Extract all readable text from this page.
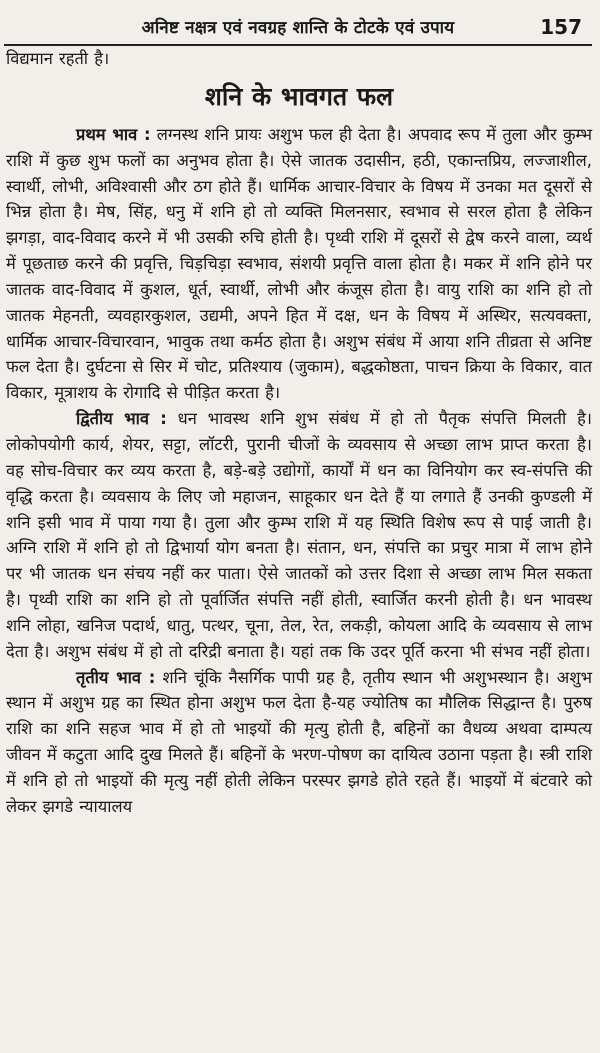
अनिष्ट नक्षत्र एवं नवग्रह शान्ति के टोटके एवं उपाय	157

विद्यमान रहती है।

शनि के भावगत फल

प्रथम भाव : लग्नस्थ शनि प्रायः अशुभ फल ही देता है। अपवाद रूप में तुला और कुम्भ राशि में कुछ शुभ फलों का अनुभव होता है। ऐसे जातक उदासीन, हठी, एकान्तप्रिय, लज्जाशील, स्वार्थी, लोभी, अविश्वासी और ठग होते हैं। धार्मिक आचार-विचार के विषय में उनका मत दूसरों से भिन्न होता है। मेष, सिंह, धनु में शनि हो तो व्यक्ति मिलनसार, स्वभाव से सरल होता है लेकिन झगड़ा, वाद-विवाद करने में भी उसकी रुचि होती है। पृथ्वी राशि में दूसरों से द्वेष करने वाला, व्यर्थ में पूछताछ करने की प्रवृत्ति, चिड़चिड़ा स्वभाव, संशयी प्रवृत्ति वाला होता है। मकर में शनि होने पर जातक वाद-विवाद में कुशल, धूर्त, स्वार्थी, लोभी और कंजूस होता है। वायु राशि का शनि हो तो जातक मेहनती, व्यवहारकुशल, उद्यमी, अपने हित में दक्ष, धन के विषय में अस्थिर, सत्यवक्ता, धार्मिक आचार-विचारवान, भावुक तथा कर्मठ होता है। अशुभ संबंध में आया शनि तीव्रता से अनिष्ट फल देता है। दुर्घटना से सिर में चोट, प्रतिश्याय (जुकाम), बद्धकोष्ठता, पाचन क्रिया के विकार, वात विकार, मूत्राशय के रोगादि से पीड़ित करता है।

द्वितीय भाव : धन भावस्थ शनि शुभ संबंध में हो तो पैतृक संपत्ति मिलती है। लोकोपयोगी कार्य, शेयर, सट्टा, लॉटरी, पुरानी चीजों के व्यवसाय से अच्छा लाभ प्राप्त करता है। वह सोच-विचार कर व्यय करता है, बड़े-बड़े उद्योगों, कार्यों में धन का विनियोग कर स्व-संपत्ति की वृद्धि करता है। व्यवसाय के लिए जो महाजन, साहूकार धन देते हैं या लगाते हैं उनकी कुण्डली में शनि इसी भाव में पाया गया है। तुला और कुम्भ राशि में यह स्थिति विशेष रूप से पाई जाती है। अग्नि राशि में शनि हो तो द्विभार्या योग बनता है। संतान, धन, संपत्ति का प्रचुर मात्रा में लाभ होने पर भी जातक धन संचय नहीं कर पाता। ऐसे जातकों को उत्तर दिशा से अच्छा लाभ मिल सकता है। पृथ्वी राशि का शनि हो तो पूर्वार्जित संपत्ति नहीं होती, स्वार्जित करनी होती है। धन भावस्थ शनि लोहा, खनिज पदार्थ, धातु, पत्थर, चूना, तेल, रेत, लकड़ी, कोयला आदि के व्यवसाय से लाभ देता है। अशुभ संबंध में हो तो दरिद्री बनाता है। यहां तक कि उदर पूर्ति करना भी संभव नहीं होता।

तृतीय भाव : शनि चूंकि नैसर्गिक पापी ग्रह है, तृतीय स्थान भी अशुभस्थान है। अशुभ स्थान में अशुभ ग्रह का स्थित होना अशुभ फल देता है-यह ज्योतिष का मौलिक सिद्धान्त है। पुरुष राशि का शनि सहज भाव में हो तो भाइयों की मृत्यु होती है, बहिनों का वैधव्य अथवा दाम्पत्य जीवन में कटुता आदि दुख मिलते हैं। बहिनों के भरण-पोषण का दायित्व उठाना पड़ता है। स्त्री राशि में शनि हो तो भाइयों की मृत्यु नहीं होती लेकिन परस्पर झगडे होते रहते हैं। भाइयों में बंटवारे को लेकर झगडे न्यायालय
